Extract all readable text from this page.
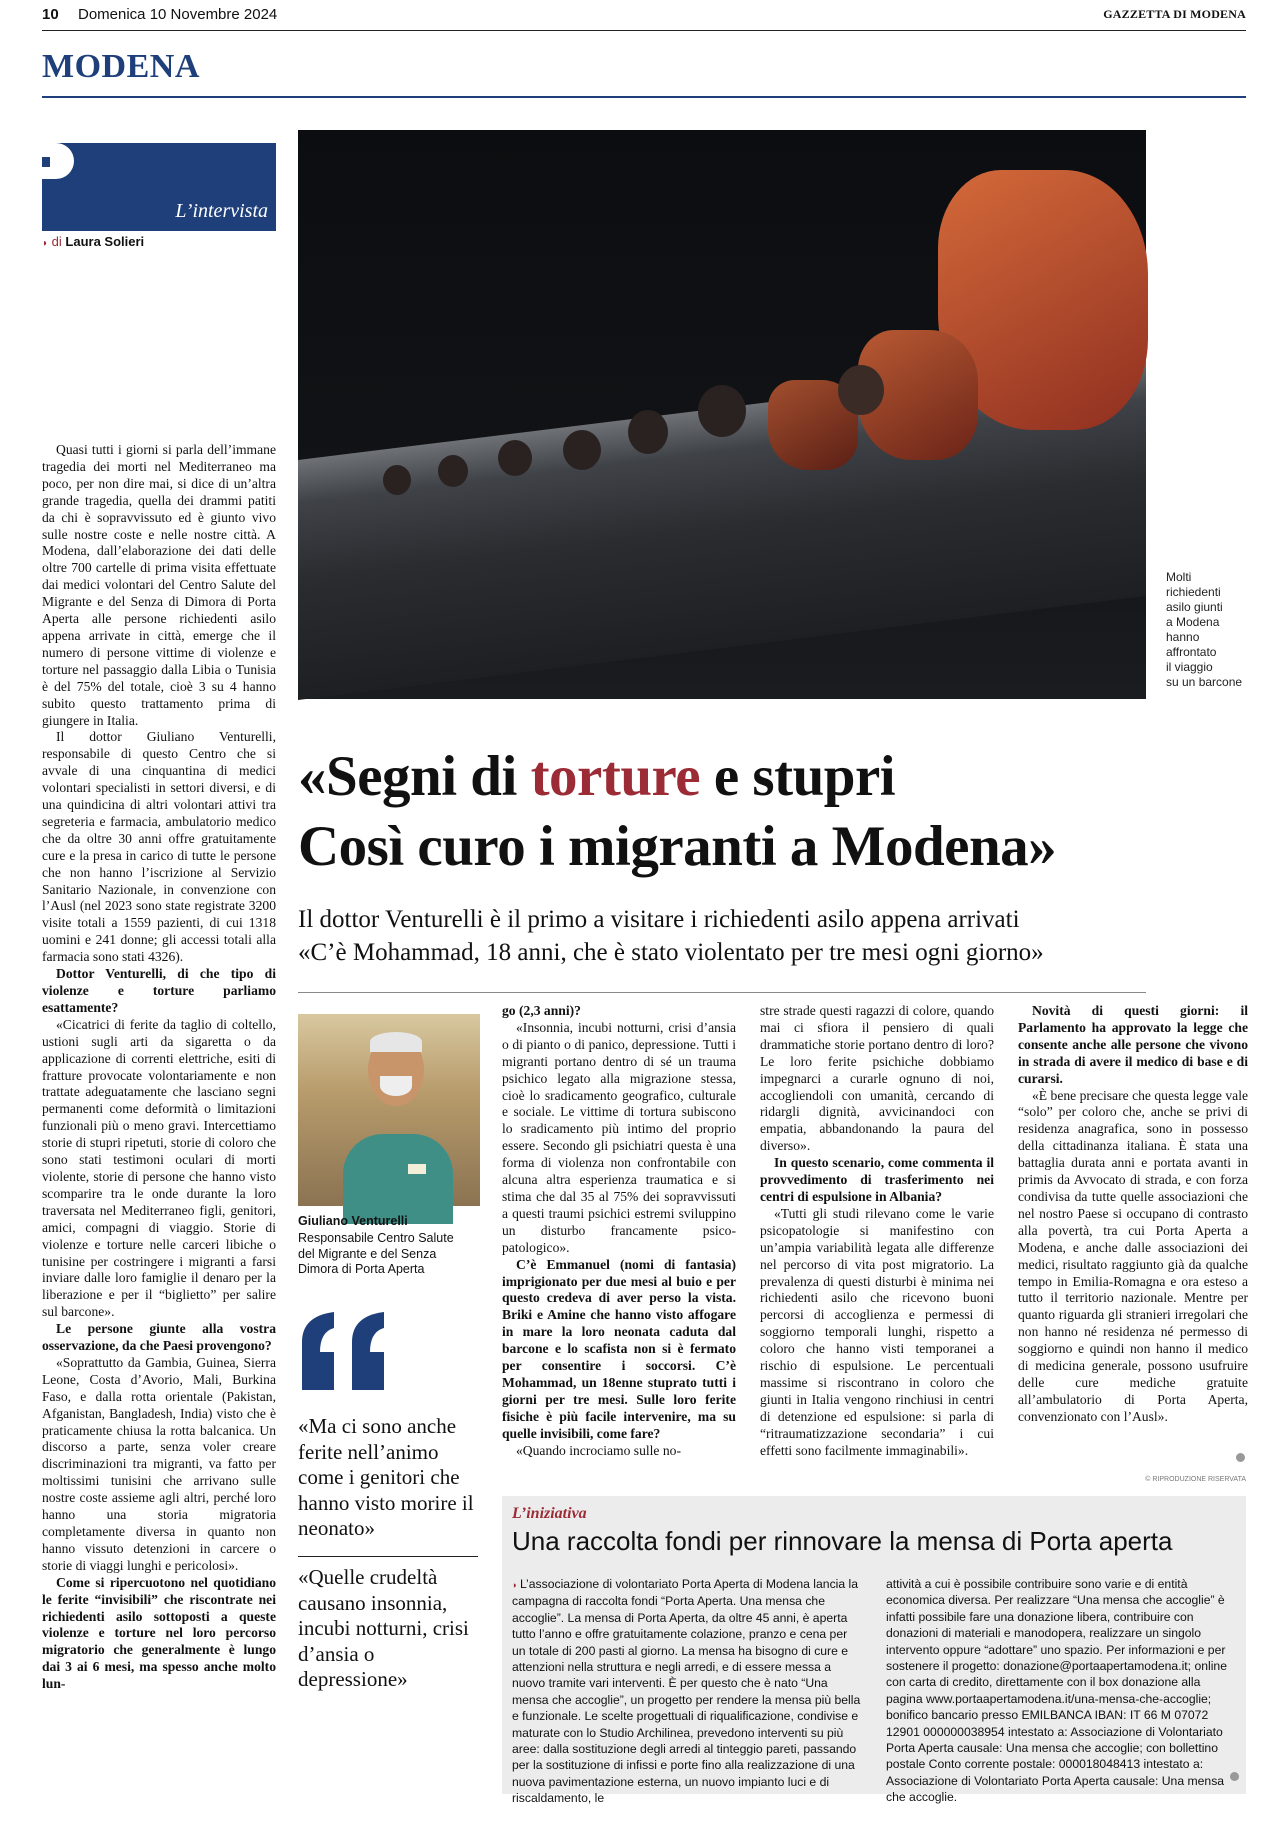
10 Domenica 10 Novembre 2024	GAZZETTA DI MODENA
MODENA
L’intervista
◗ di Laura Solieri
Molti
richiedenti
asilo giunti
a Modena
hanno
affrontato
il viaggio
su un barcone
«Segni di torture e stupri
Così curo i migranti a Modena»
Il dottor Venturelli è il primo a visitare i richiedenti asilo appena arrivati
«C’è Mohammad, 18 anni, che è stato violentato per tre mesi ogni giorno»

Quasi tutti i giorni si parla dell’immane tragedia dei morti nel Mediterraneo ma poco, per non dire mai, si dice di un’altra grande tragedia, quella dei drammi patiti da chi è sopravvissuto ed è giunto vivo sulle nostre coste e nelle nostre città. A Modena, dall’elaborazione dei dati delle oltre 700 cartelle di prima visita effettuate dai medici volontari del Centro Salute del Migrante e del Senza di Dimora di Porta Aperta alle persone richiedenti asilo appena arrivate in città, emerge che il numero di persone vittime di violenze e torture nel passaggio dalla Libia o Tunisia è del 75% del totale, cioè 3 su 4 hanno subito questo trattamento prima di giungere in Italia.

Il dottor Giuliano Venturelli, responsabile di questo Centro che si avvale di una cinquantina di medici volontari specialisti in settori diversi, e di una quindicina di altri volontari attivi tra segreteria e farmacia, ambulatorio medico che da oltre 30 anni offre gratuitamente cure e la presa in carico di tutte le persone che non hanno l’iscrizione al Servizio Sanitario Nazionale, in convenzione con l’Ausl (nel 2023 sono state registrate 3200 visite totali a 1559 pazienti, di cui 1318 uomini e 241 donne; gli accessi totali alla farmacia sono stati 4326).

Dottor Venturelli, di che tipo di violenze e torture parliamo esattamente?

«Cicatrici di ferite da taglio di coltello, ustioni sugli arti da sigaretta o da applicazione di correnti elettriche, esiti di fratture provocate volontariamente e non trattate adeguatamente che lasciano segni permanenti come deformità o limitazioni funzionali più o meno gravi. Intercettiamo storie di stupri ripetuti, storie di coloro che sono stati testimoni oculari di morti violente, storie di persone che hanno visto scomparire tra le onde durante la loro traversata nel Mediterraneo figli, genitori, amici, compagni di viaggio. Storie di violenze e torture nelle carceri libiche o tunisine per costringere i migranti a farsi inviare dalle loro famiglie il denaro per la liberazione e per il “biglietto” per salire sul barcone».

Le persone giunte alla vostra osservazione, da che Paesi provengono?

«Soprattutto da Gambia, Guinea, Sierra Leone, Costa d’Avorio, Mali, Burkina Faso, e dalla rotta orientale (Pakistan, Afganistan, Bangladesh, India) visto che è praticamente chiusa la rotta balcanica. Un discorso a parte, senza voler creare discriminazioni tra migranti, va fatto per moltissimi tunisini che arrivano sulle nostre coste assieme agli altri, perché loro hanno una storia migratoria completamente diversa in quanto non hanno vissuto detenzioni in carcere o storie di viaggi lunghi e pericolosi».

Come si ripercuotono nel quotidiano le ferite “invisibili” che riscontrate nei richiedenti asilo sottoposti a queste violenze e torture nel loro percorso migratorio che generalmente è lungo dai 3 ai 6 mesi, ma spesso anche molto lun-

Giuliano Venturelli
Responsabile Centro Salute del Migrante e del Senza Dimora di Porta Aperta
«Ma ci sono anche ferite nell’animo come i genitori che hanno visto morire il neonato»
«Quelle crudeltà causano insonnia, incubi notturni, crisi d’ansia o depressione»

go (2,3 anni)?

«Insonnia, incubi notturni, crisi d’ansia o di pianto o di panico, depressione. Tutti i migranti portano dentro di sé un trauma psichico legato alla migrazione stessa, cioè lo sradicamento geografico, culturale e sociale. Le vittime di tortura subiscono lo sradicamento più intimo del proprio essere. Secondo gli psichiatri questa è una forma di violenza non confrontabile con alcuna altra esperienza traumatica e si stima che dal 35 al 75% dei sopravvissuti a questi traumi psichici estremi sviluppino un disturbo francamente psico-patologico».

C’è Emmanuel (nomi di fantasia) imprigionato per due mesi al buio e per questo credeva di aver perso la vista. Briki e Amine che hanno visto affogare in mare la loro neonata caduta dal barcone e lo scafista non si è fermato per consentire i soccorsi. C’è Mohammad, un 18enne stuprato tutti i giorni per tre mesi. Sulle loro ferite fisiche è più facile intervenire, ma su quelle invisibili, come fare?

«Quando incrociamo sulle no-

stre strade questi ragazzi di colore, quando mai ci sfiora il pensiero di quali drammatiche storie portano dentro di loro? Le loro ferite psichiche dobbiamo impegnarci a curarle ognuno di noi, accogliendoli con umanità, cercando di ridargli dignità, avvicinandoci con empatia, abbandonando la paura del diverso».

In questo scenario, come commenta il provvedimento di trasferimento nei centri di espulsione in Albania?

«Tutti gli studi rilevano come le varie psicopatologie si manifestino con un’ampia variabilità legata alle differenze nel percorso di vita post migratorio. La prevalenza di questi disturbi è minima nei richiedenti asilo che ricevono buoni percorsi di accoglienza e permessi di soggiorno temporali lunghi, rispetto a coloro che hanno visti temporanei a rischio di espulsione. Le percentuali massime si riscontrano in coloro che giunti in Italia vengono rinchiusi in centri di detenzione ed espulsione: si parla di “ritraumatizzazione secondaria” i cui effetti sono facilmente immaginabili».

Novità di questi giorni: il Parlamento ha approvato la legge che consente anche alle persone che vivono in strada di avere il medico di base e di curarsi.

«È bene precisare che questa legge vale “solo” per coloro che, anche se privi di residenza anagrafica, sono in possesso della cittadinanza italiana. È stata una battaglia durata anni e portata avanti in primis da Avvocato di strada, e con forza condivisa da tutte quelle associazioni che nel nostro Paese si occupano di contrasto alla povertà, tra cui Porta Aperta a Modena, e anche dalle associazioni dei medici, risultato raggiunto già da qualche tempo in Emilia-Romagna e ora esteso a tutto il territorio nazionale. Mentre per quanto riguarda gli stranieri irregolari che non hanno né residenza né permesso di soggiorno e quindi non hanno il medico di medicina generale, possono usufruire delle cure mediche gratuite all’ambulatorio di Porta Aperta, convenzionato con l’Ausl».

© RIPRODUZIONE RISERVATA
L’iniziativa
Una raccolta fondi per rinnovare la mensa di Porta aperta
◗ L’associazione di volontariato Porta Aperta di Modena lancia la campagna di raccolta fondi “Porta Aperta. Una mensa che accoglie”. La mensa di Porta Aperta, da oltre 45 anni, è aperta tutto l’anno e offre gratuitamente colazione, pranzo e cena per un totale di 200 pasti al giorno. La mensa ha bisogno di cure e attenzioni nella struttura e negli arredi, e di essere messa a nuovo tramite vari interventi. È per questo che è nato “Una mensa che accoglie”, un progetto per rendere la mensa più bella e funzionale. Le scelte progettuali di riqualificazione, condivise e maturate con lo Studio Archilinea, prevedono interventi su più aree: dalla sostituzione degli arredi al tinteggio pareti, passando per la sostituzione di infissi e porte fino alla realizzazione di una nuova pavimentazione esterna, un nuovo impianto luci e di riscaldamento, le
attività a cui è possibile contribuire sono varie e di entità economica diversa. Per realizzare “Una mensa che accoglie” è infatti possibile fare una donazione libera, contribuire con donazioni di materiali e manodopera, realizzare un singolo intervento oppure “adottare” uno spazio. Per informazioni e per sostenere il progetto: donazione@portaapertamodena.it; online con carta di credito, direttamente con il box donazione alla pagina www.portaapertamodena.it/una-mensa-che-accoglie; bonifico bancario presso EMILBANCA IBAN: IT 66 M 07072 12901 000000038954 intestato a: Associazione di Volontariato Porta Aperta causale: Una mensa che accoglie; con bollettino postale Conto corrente postale: 000018048413 intestato a: Associazione di Volontariato Porta Aperta causale: Una mensa che accoglie.
